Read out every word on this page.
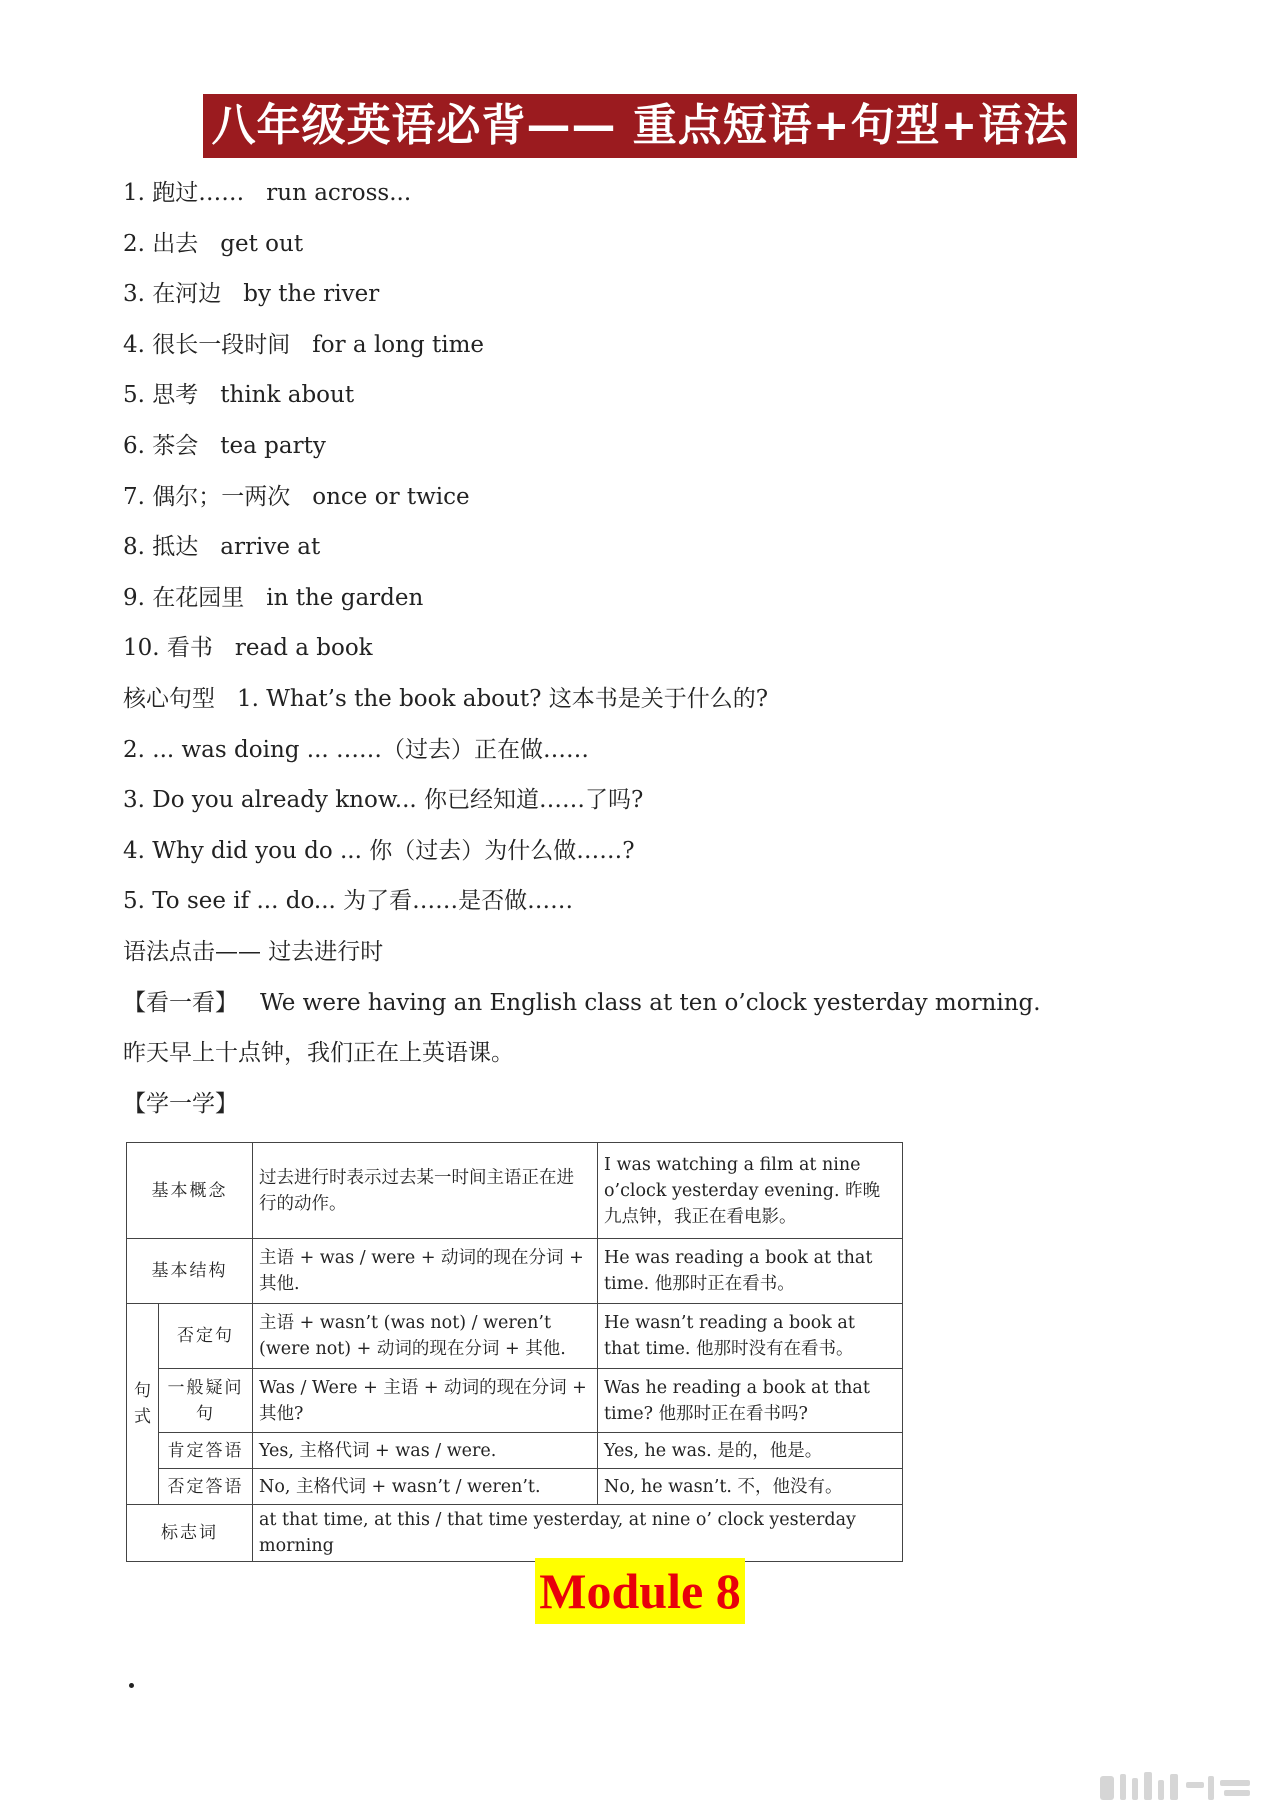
八年级英语必背—— 重点短语+句型+语法
1. 跑过…… run across...
2. 出去 get out
3. 在河边 by the river
4. 很长一段时间 for a long time
5. 思考 think about
6. 茶会 tea party
7. 偶尔；一两次 once or twice
8. 抵达 arrive at
9. 在花园里 in the garden
10. 看书 read a book
核心句型 1. What’s the book about? 这本书是关于什么的?
2. ... was doing ... ……（过去）正在做……
3. Do you already know... 你已经知道……了吗?
4. Why did you do ... 你（过去）为什么做……?
5. To see if ... do... 为了看……是否做……
语法点击—— 过去进行时
【看一看】 We were having an English class at ten o’clock yesterday morning.
昨天早上十点钟，我们正在上英语课。
【学一学】
基本概念		过去进行时表示过去某一时间主语正在进行的动作。	I was watching a film at nine o’clock yesterday evening. 昨晚九点钟，我正在看电影。
基本结构		主语 + was / were + 动词的现在分词 + 其他.	He was reading a book at that time. 他那时正在看书。
句式	否定句	主语 + wasn’t (was not) / weren’t (were not) + 动词的现在分词 + 其他.	He wasn’t reading a book at that time. 他那时没有在看书。
	一般疑问句	Was / Were + 主语 + 动词的现在分词 + 其他?	Was he reading a book at that time? 他那时正在看书吗?
	肯定答语	Yes, 主格代词 + was / were.	Yes, he was. 是的，他是。
	否定答语	No, 主格代词 + wasn’t / weren’t.	No, he wasn’t. 不，他没有。
标志词		at that time, at this / that time yesterday, at nine o’ clock yesterday morning	
Module 8
